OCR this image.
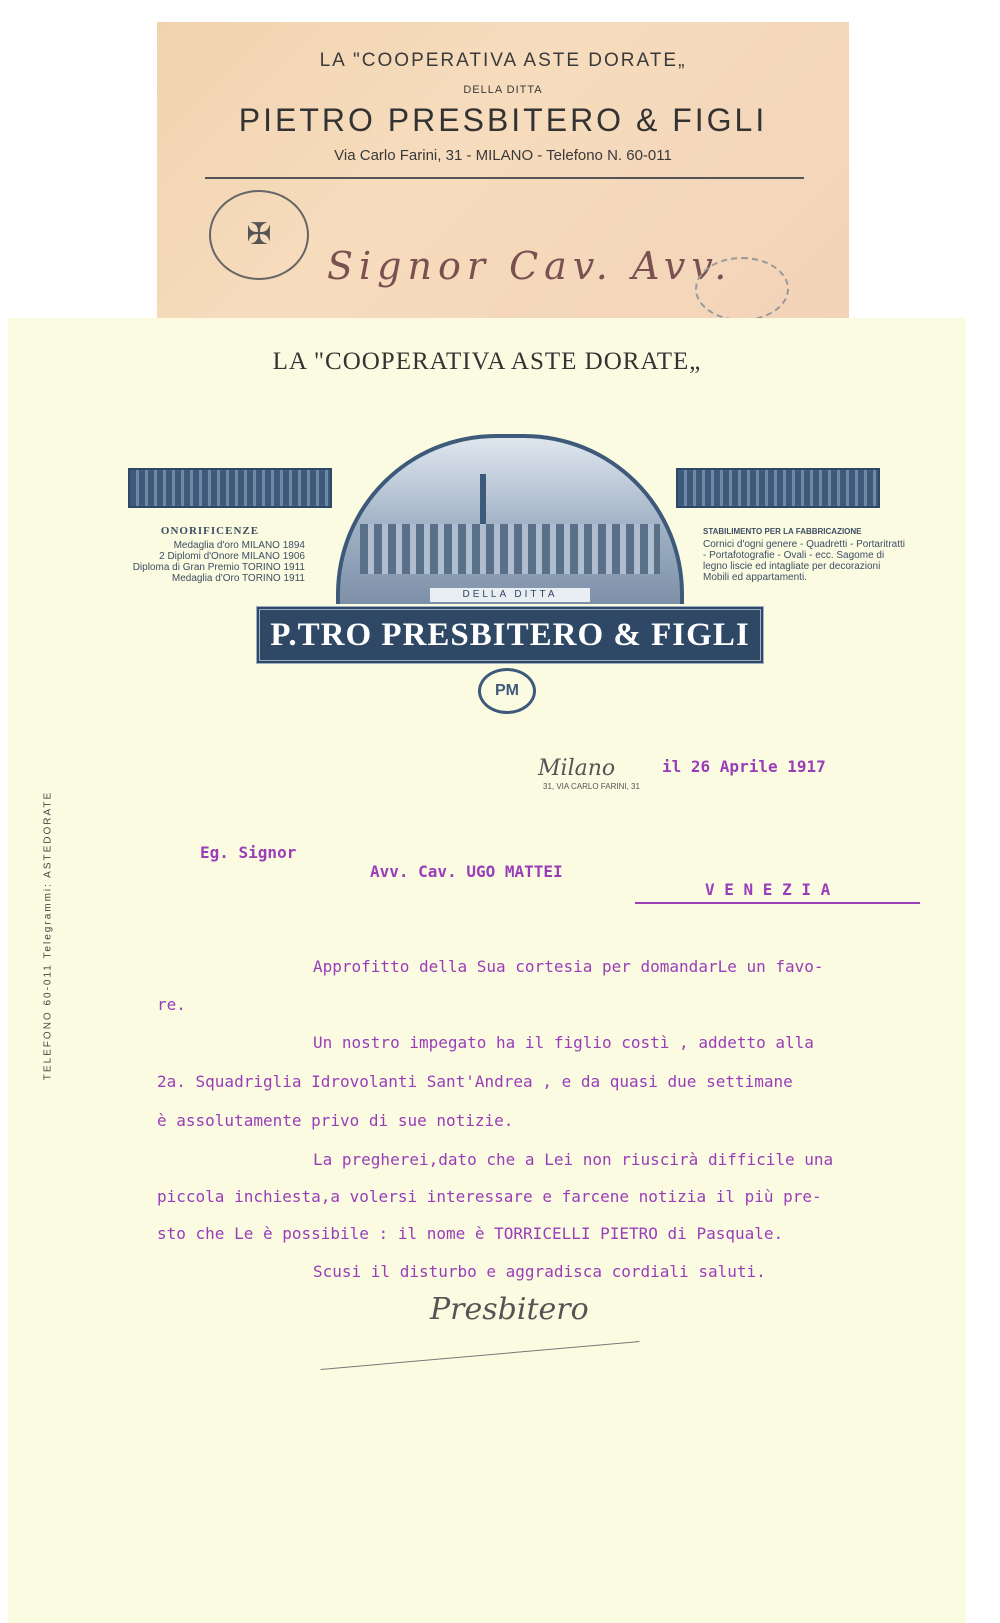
LA "COOPERATIVA ASTE DORATE„
DELLA DITTA
PIETRO PRESBITERO & FIGLI
Via Carlo Farini, 31 - MILANO - Telefono N. 60-011
✠
Signor Cav. Avv.
LA "COOPERATIVA ASTE DORATE„
DELLA DITTA
P.TRO PRESBITERO & FIGLI
PM
Milano
31, VIA CARLO FARINI, 31
TELEFONO 60-011 Telegrammi: ASTEDORATE
ONORIFICENZE
Medaglia d'oro MILANO 1894
2 Diplomi d'Onore MILANO 1906
Diploma di Gran Premio TORINO 1911
Medaglia d'Oro TORINO 1911
STABILIMENTO PER LA FABBRICAZIONE
Cornici d'ogni genere - Quadretti - Portaritratti - Portafotografie - Ovali - ecc. Sagome di legno liscie ed intagliate per decorazioni Mobili ed appartamenti.
il 26 Aprile 1917
Eg. Signor
Avv. Cav. UGO MATTEI
V E N E Z I A
Approfitto della Sua cortesia per domandarLe un favo-
re.
Un nostro impegato ha il figlio costì , addetto alla
2a. Squadriglia Idrovolanti Sant'Andrea , e da quasi due settimane
è assolutamente privo di sue notizie.
La pregherei,dato che a Lei non riuscirà difficile una
piccola inchiesta,a volersi interessare e farcene notizia il più pre-
sto che Le è possibile : il nome è TORRICELLI PIETRO di Pasquale.
Scusi il disturbo e aggradisca cordiali saluti.
Presbitero
